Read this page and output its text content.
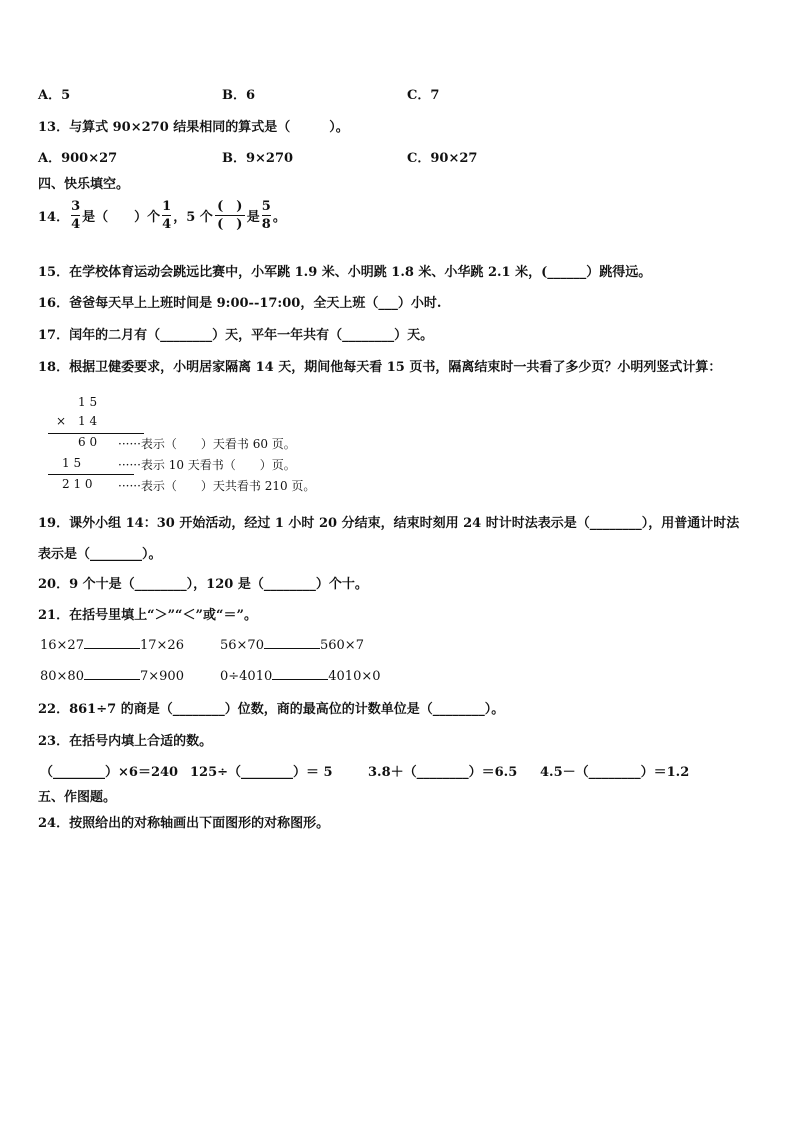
A．5	B．6	C．7
13．与算式 90×270 结果相同的算式是（　　　）。
A．900×27	B．9×270	C．90×27
四、快乐填空。
14． $\frac{3}{4}$ 是（　　）个 $\frac{1}{4}$ ，5 个 $\frac{( )}{( )}$ 是 $\frac{5}{8}$ 。
15．在学校体育运动会跳远比赛中，小军跳 1.9 米、小明跳 1.8 米、小华跳 2.1 米，(______）跳得远。
16．爸爸每天早上上班时间是 9:00--17:00，全天上班（___）小时.
17．闰年的二月有（________）天，平年一年共有（________）天。
18．根据卫健委要求，小明居家隔离 14 天，期间他每天看 15 页书，隔离结束时一共看了多少页？小明列竖式计算：
1 5
× 1 4
6 0 ······表示（　　）天看书 60 页。
1 5	······表示 10 天看书（　　）页。
2 1 0 ······表示（　　）天共看书 210 页。
19．课外小组 14：30 开始活动，经过 1 小时 20 分结束，结束时刻用 24 时计时法表示是（________），用普通计时法
表示是（________）。
20．9 个十是（________），120 是（________）个十。
21．在括号里填上“＞”“＜”或“＝”。
16×27	17×26	56×70	560×7
80×80	7×900	0÷4010	4010×0
22．861÷7 的商是（________）位数，商的最高位的计数单位是（________）。
23．在括号内填上合适的数。
（________）×6＝240 125÷（________）＝ 5	3.8＋（________）＝6.5 4.5－（________）＝1.2
五、作图题。
24．按照给出的对称轴画出下面图形的对称图形。
